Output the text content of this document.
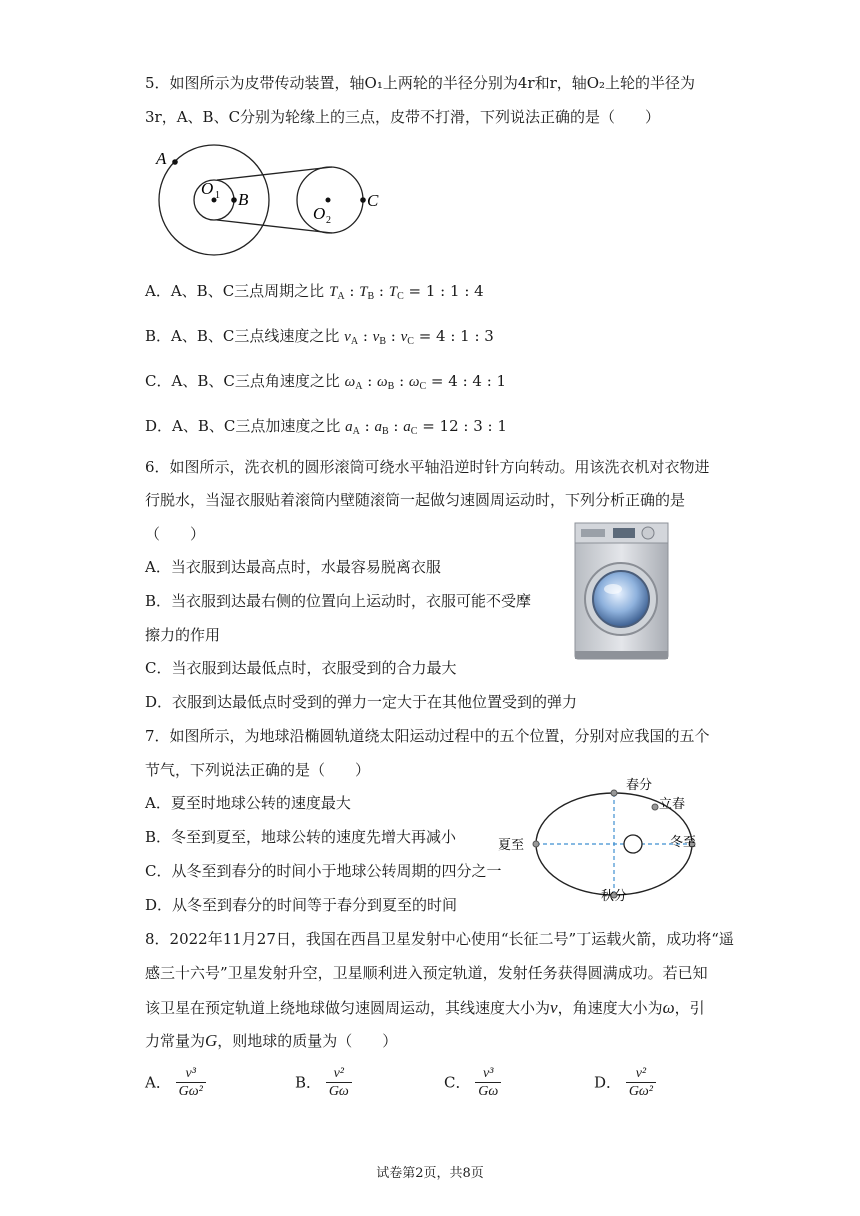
5．如图所示为皮带传动装置，轴O₁上两轮的半径分别为4r和r，轴O₂上轮的半径为
3r，A、B、C分别为轮缘上的三点，皮带不打滑，下列说法正确的是（　　）
A
O 1 B
O 2
C
A．A、B、C三点周期之比 $T_A$ : $T_B$ : $T_C = 1$ : 1 : 4
B．A、B、C三点线速度之比 $v_A$ : $v_B$ : $v_C = 4$ : 1 : 3
C．A、B、C三点角速度之比 $\omega_A$ : $\omega_B$ : $\omega_C = 4$ : 4 : 1
D．A、B、C三点加速度之比 $a_A$ : $a_B$ : $a_C = 12$ : 3 : 1
6．如图所示，洗衣机的圆形滚筒可绕水平轴沿逆时针方向转动。用该洗衣机对衣物进
行脱水，当湿衣服贴着滚筒内壁随滚筒一起做匀速圆周运动时，下列分析正确的是
（　　）
A．当衣服到达最高点时，水最容易脱离衣服
B．当衣服到达最右侧的位置向上运动时，衣服可能不受摩
擦力的作用
C．当衣服到达最低点时，衣服受到的合力最大
D．衣服到达最低点时受到的弹力一定大于在其他位置受到的弹力
7．如图所示，为地球沿椭圆轨道绕太阳运动过程中的五个位置，分别对应我国的五个
节气，下列说法正确的是（　　）
A．夏至时地球公转的速度最大
B．冬至到夏至，地球公转的速度先增大再减小
C．从冬至到春分的时间小于地球公转周期的四分之一
D．从冬至到春分的时间等于春分到夏至的时间
春分
立春
冬至
夏至
秋分
8．2022年11月27日，我国在西昌卫星发射中心使用“长征二号”丁运载火箭，成功将“遥
感三十六号”卫星发射升空，卫星顺利进入预定轨道，发射任务获得圆满成功。若已知
该卫星在预定轨道上绕地球做匀速圆周运动，其线速度大小为v，角速度大小为ω，引
力常量为G，则地球的质量为（　　）
A． $\frac{\text{v³}}{\text{Gω²}}$	B． $\frac{\text{v²}}{G\omega}$	C． $\frac{\text{v³}}{G\omega}$	D． $\frac{\text{v²}}{\text{Gω²}}$
试卷第2页，共8页
